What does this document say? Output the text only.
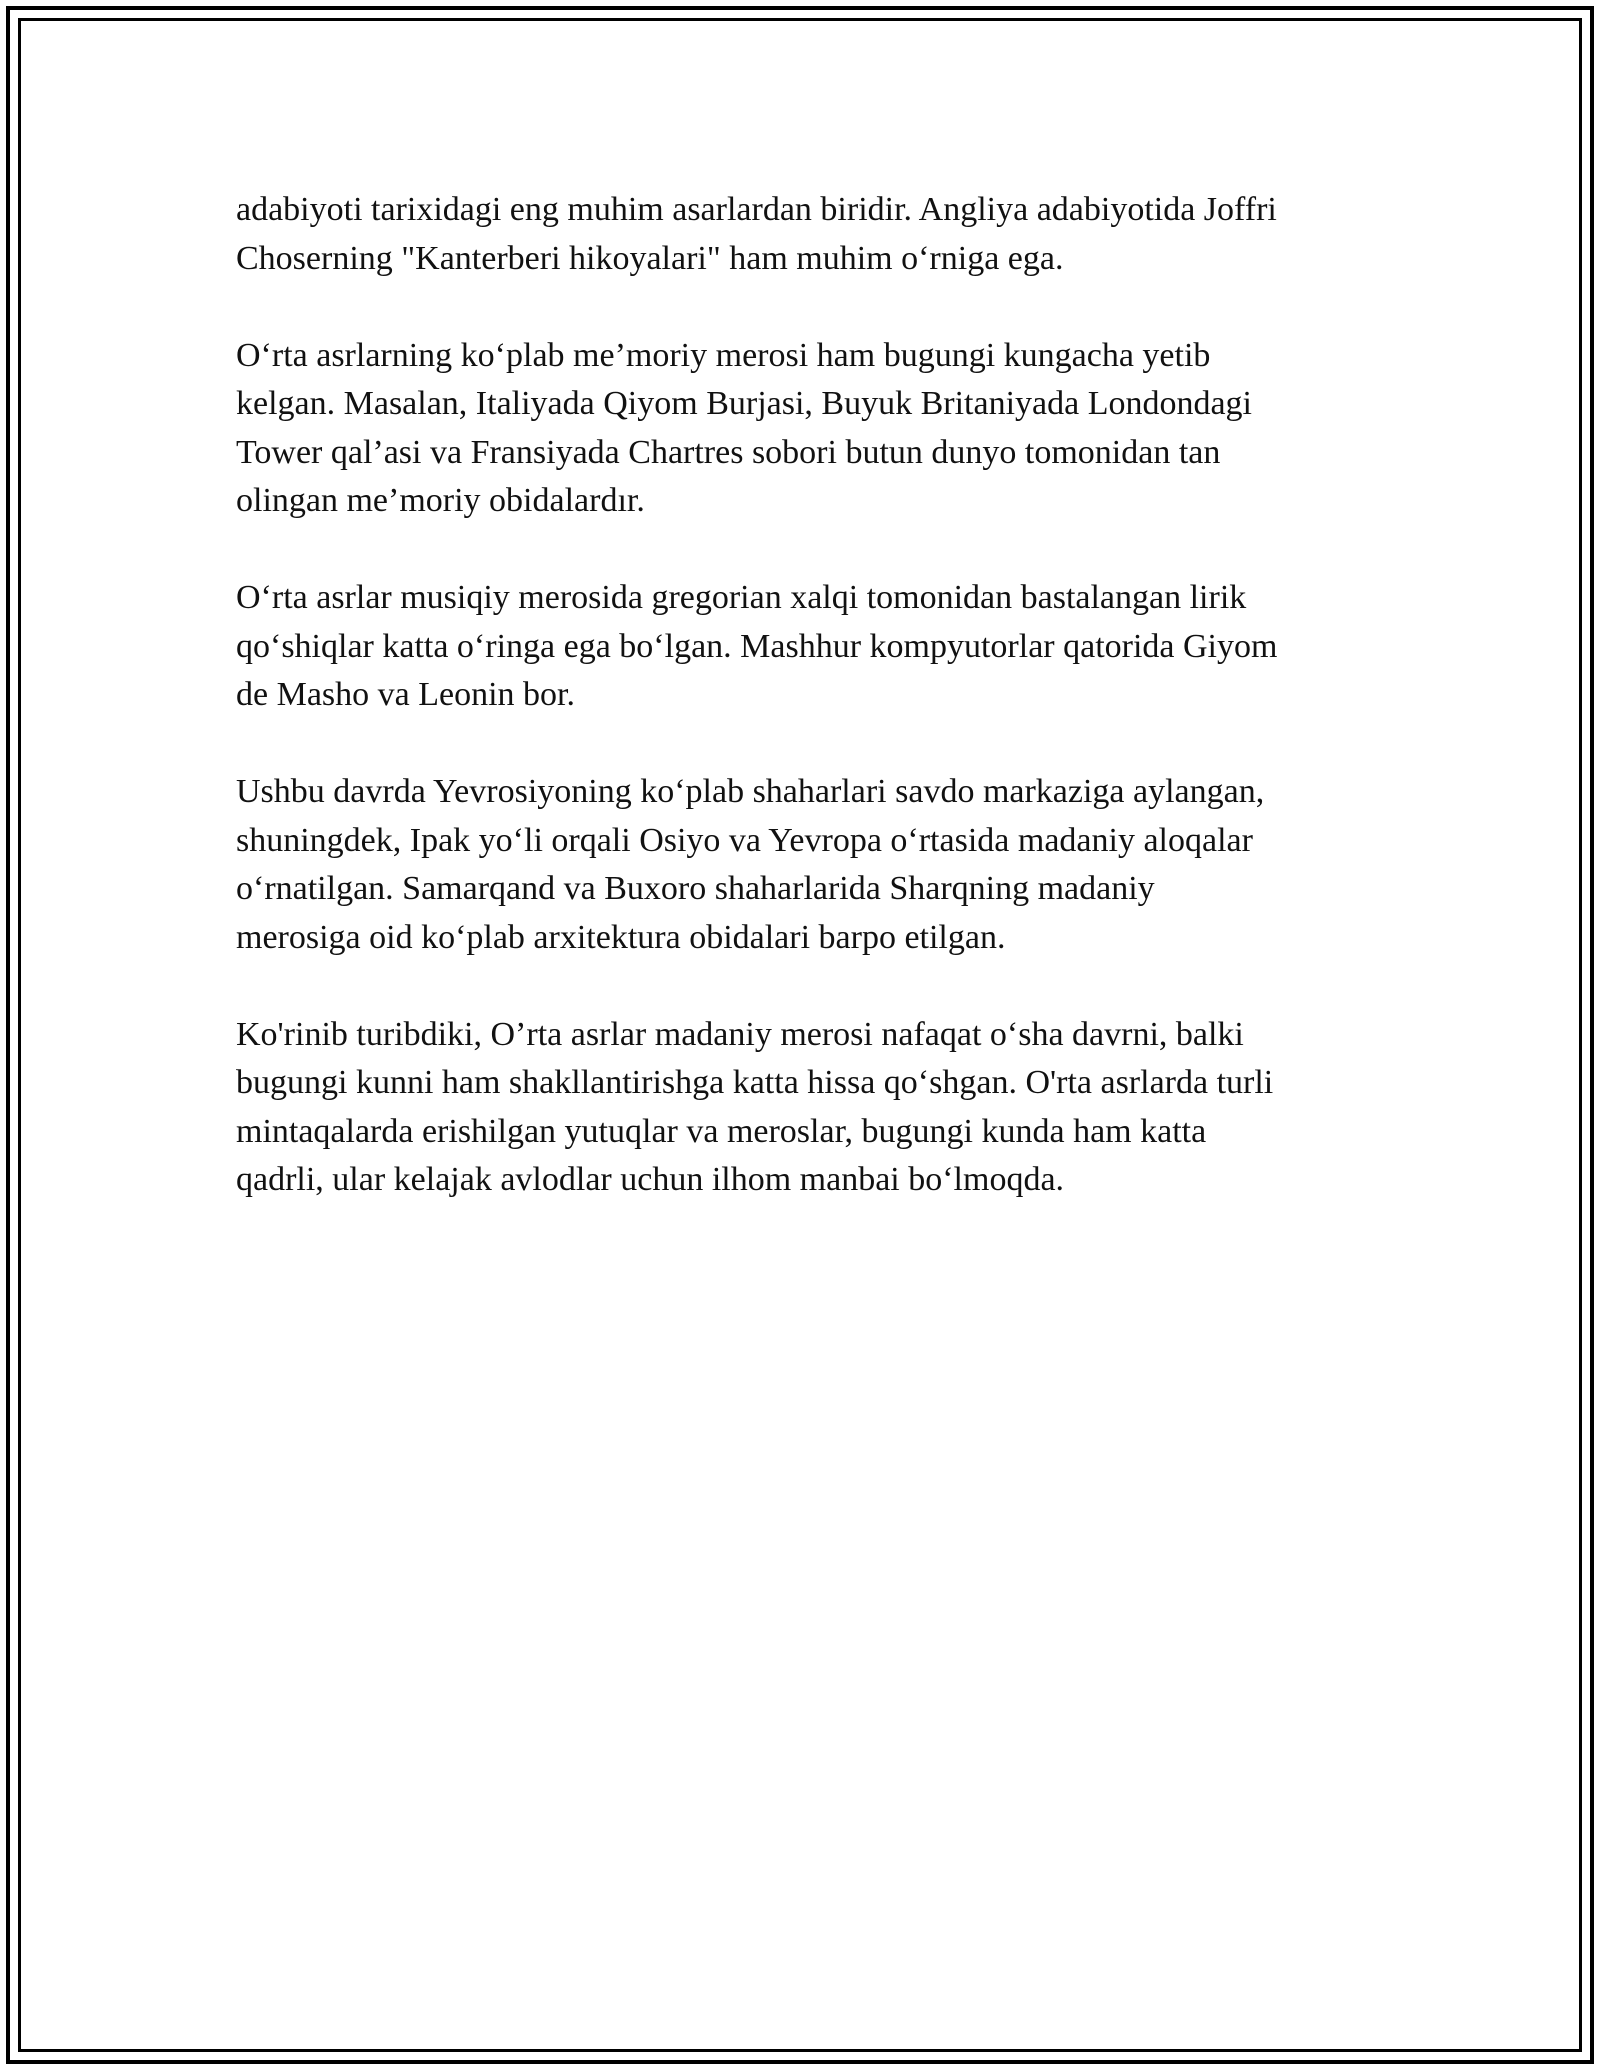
adabiyoti tarixidagi eng muhim asarlardan biridir. Angliya adabiyotida Joffri
Choserning "Kanterberi hikoyalari" ham muhim o‘rniga ega.

O‘rta asrlarning ko‘plab me’moriy merosi ham bugungi kungacha yetib
kelgan. Masalan, Italiyada Qiyom Burjasi, Buyuk Britaniyada Londondagi
Tower qal’asi va Fransiyada Chartres sobori butun dunyo tomonidan tan
olingan me’moriy obidalardır.

O‘rta asrlar musiqiy merosida gregorian xalqi tomonidan bastalangan lirik
qo‘shiqlar katta o‘ringa ega bo‘lgan. Mashhur kompyutorlar qatorida Giyom
de Masho va Leonin bor.

Ushbu davrda Yevrosiyoning ko‘plab shaharlari savdo markaziga aylangan,
shuningdek, Ipak yo‘li orqali Osiyo va Yevropa o‘rtasida madaniy aloqalar
o‘rnatilgan. Samarqand va Buxoro shaharlarida Sharqning madaniy
merosiga oid ko‘plab arxitektura obidalari barpo etilgan.

Ko'rinib turibdiki, O’rta asrlar madaniy merosi nafaqat o‘sha davrni, balki
bugungi kunni ham shakllantirishga katta hissa qo‘shgan. O'rta asrlarda turli
mintaqalarda erishilgan yutuqlar va meroslar, bugungi kunda ham katta
qadrli, ular kelajak avlodlar uchun ilhom manbai bo‘lmoqda.
